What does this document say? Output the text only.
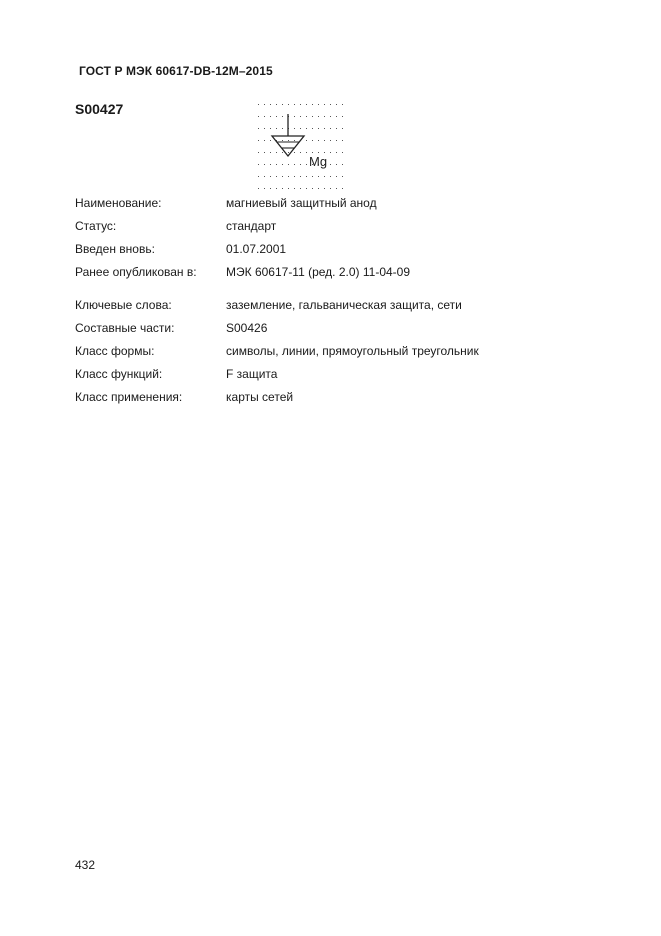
ГОСТ Р МЭК 60617-DB-12M–2015
S00427
Mg
Наименование:	магниевый защитный анод
Статус:	стандарт
Введен вновь:	01.07.2001
Ранее опубликован в: МЭК 60617-11 (ред. 2.0) 11-04-09
Ключевые слова:	заземление, гальваническая защита, сети
Составные части:	S00426
Класс формы:	символы, линии, прямоугольный треугольник
Класс функций:	F защита
Класс применения:	карты сетей
432
